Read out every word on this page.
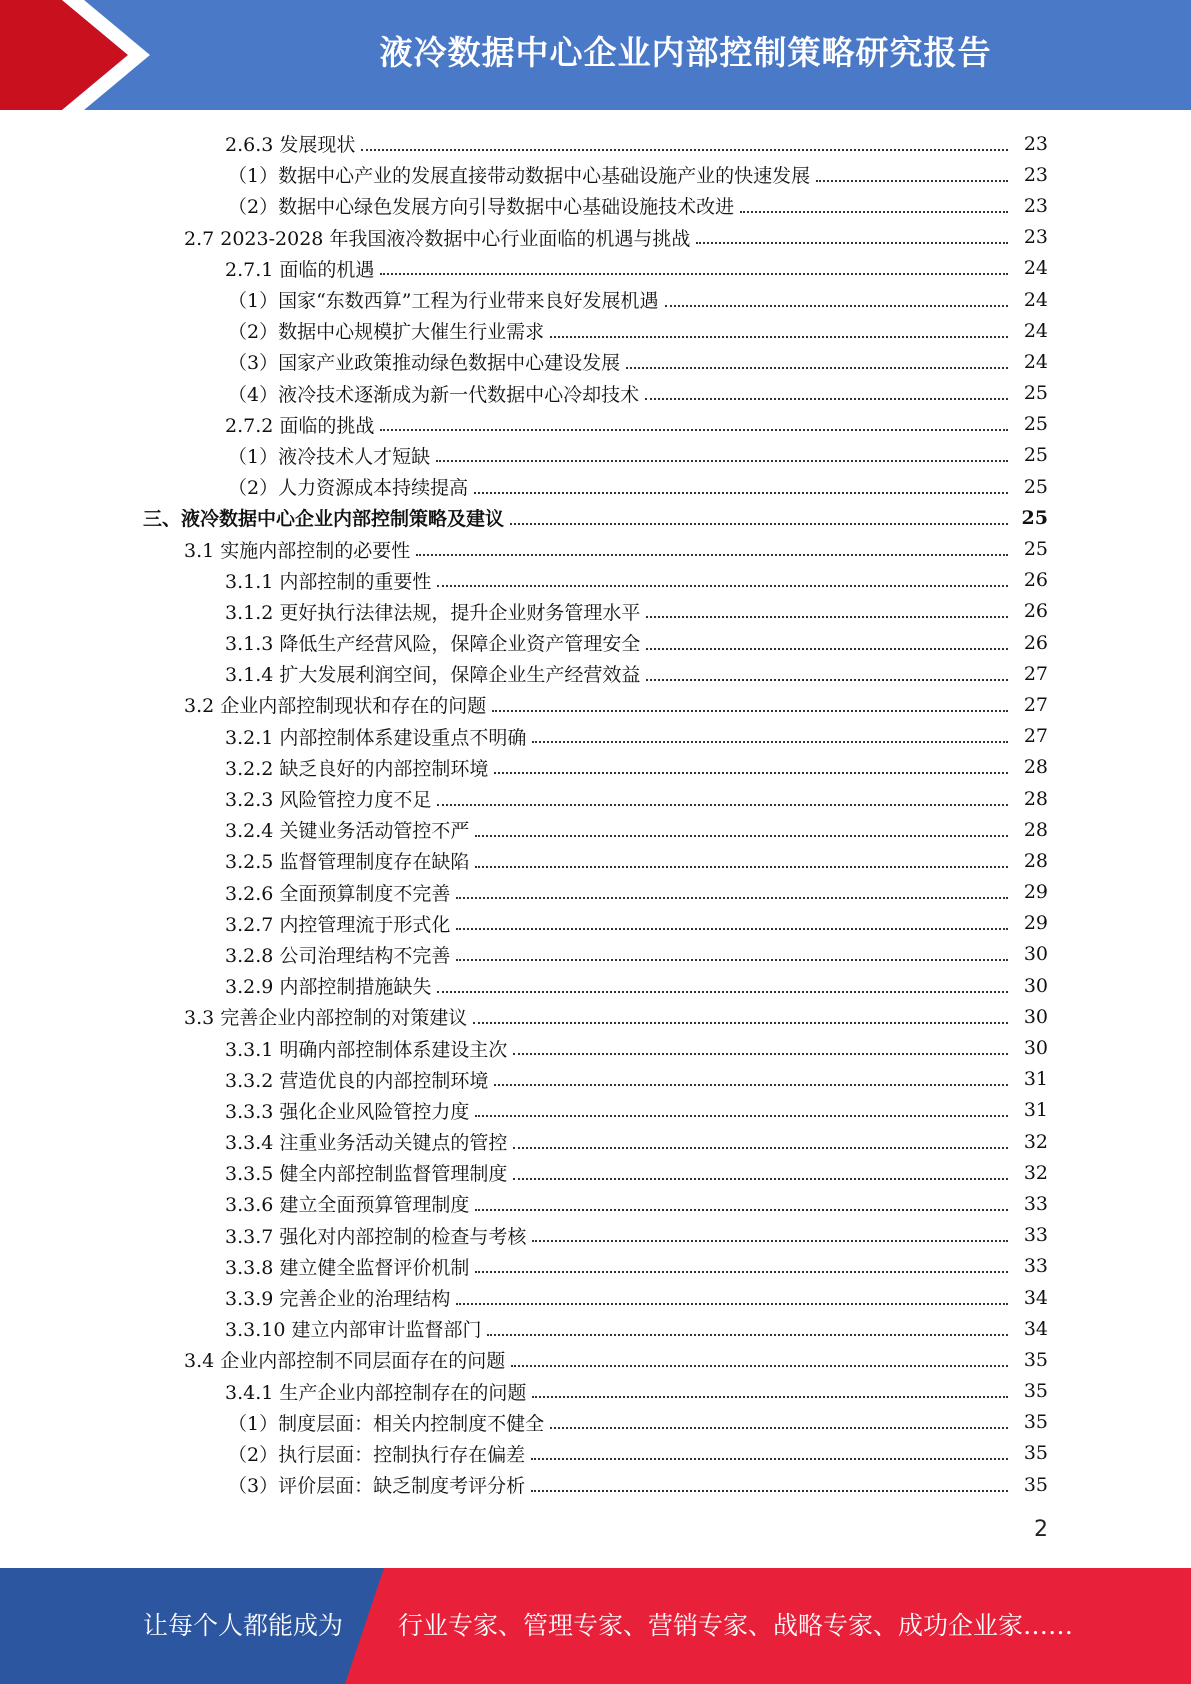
液冷数据中心企业内部控制策略研究报告
2.6.3 发展现状	23
（1）数据中心产业的发展直接带动数据中心基础设施产业的快速发展	23
（2）数据中心绿色发展方向引导数据中心基础设施技术改进	23
2.7 2023-2028 年我国液冷数据中心行业面临的机遇与挑战	23
2.7.1 面临的机遇	24
（1）国家“东数西算”工程为行业带来良好发展机遇	24
（2）数据中心规模扩大催生行业需求	24
（3）国家产业政策推动绿色数据中心建设发展	24
（4）液冷技术逐渐成为新一代数据中心冷却技术	25
2.7.2 面临的挑战	25
（1）液冷技术人才短缺	25
（2）人力资源成本持续提高	25
三、液冷数据中心企业内部控制策略及建议	25
3.1 实施内部控制的必要性	25
3.1.1 内部控制的重要性	26
3.1.2 更好执行法律法规，提升企业财务管理水平	26
3.1.3 降低生产经营风险，保障企业资产管理安全	26
3.1.4 扩大发展利润空间，保障企业生产经营效益	27
3.2 企业内部控制现状和存在的问题	27
3.2.1 内部控制体系建设重点不明确	27
3.2.2 缺乏良好的内部控制环境	28
3.2.3 风险管控力度不足	28
3.2.4 关键业务活动管控不严	28
3.2.5 监督管理制度存在缺陷	28
3.2.6 全面预算制度不完善	29
3.2.7 内控管理流于形式化	29
3.2.8 公司治理结构不完善	30
3.2.9 内部控制措施缺失	30
3.3 完善企业内部控制的对策建议	30
3.3.1 明确内部控制体系建设主次	30
3.3.2 营造优良的内部控制环境	31
3.3.3 强化企业风险管控力度	31
3.3.4 注重业务活动关键点的管控	32
3.3.5 健全内部控制监督管理制度	32
3.3.6 建立全面预算管理制度	33
3.3.7 强化对内部控制的检查与考核	33
3.3.8 建立健全监督评价机制	33
3.3.9 完善企业的治理结构	34
3.3.10 建立内部审计监督部门	34
3.4 企业内部控制不同层面存在的问题	35
3.4.1 生产企业内部控制存在的问题	35
（1）制度层面：相关内控制度不健全	35
（2）执行层面：控制执行存在偏差	35
（3）评价层面：缺乏制度考评分析	35
2
让每个人都能成为 行业专家、管理专家、营销专家、战略专家、成功企业家……
